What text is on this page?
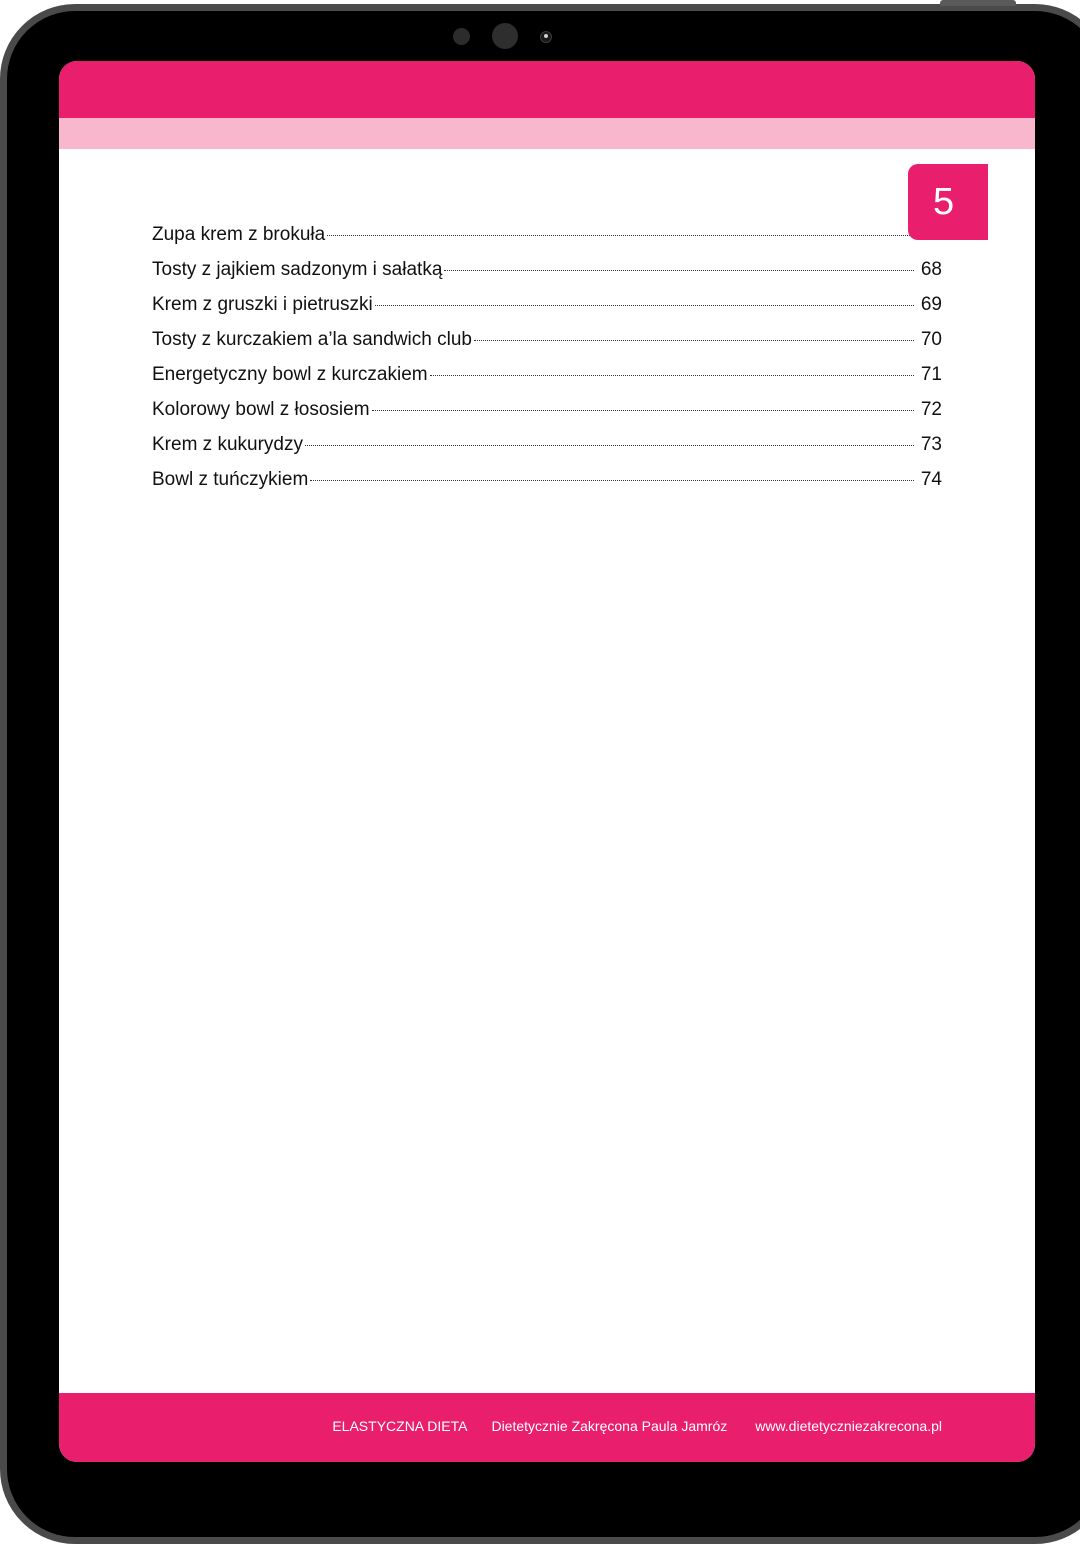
Zupa krem z brokuła
Tosty z jajkiem sadzonym i sałatką	68
Krem z gruszki i pietruszki	69
Tosty z kurczakiem a’la sandwich club	70
Energetyczny bowl z kurczakiem	71
Kolorowy bowl z łososiem	72
Krem z kukurydzy	73
Bowl z tuńczykiem	74
ELASTYCZNA DIETA Dietetycznie Zakręcona Paula Jamróz www.dietetyczniezakrecona.pl
5
